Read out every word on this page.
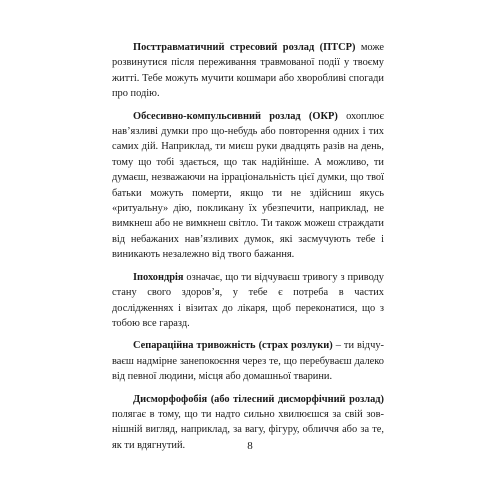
Посттравматичний стресовий розлад (ПТСР) може розвинутися після переживання травмованої події у твоєму житті. Тебе можуть мучити кошмари або хворобливі спогади про подію.

Обсесивно-компульсивний розлад (ОКР) охоплює нав’язливі думки про що-небудь або повторення одних і тих самих дій. Наприклад, ти миєш руки двадцять разів на день, тому що тобі здається, що так надійніше. А можливо, ти думаєш, незважаючи на ірраціональність цієї думки, що твої батьки можуть померти, якщо ти не здійсниш якусь «ритуальну» дію, покликану їх убезпечити, наприклад, не вимкнеш або не вимкнеш світло. Ти також можеш страждати від небажаних нав’язливих думок, які засмучують тебе і виникають незалежно від твого бажання.

Іпохондрія означає, що ти відчуваєш тривогу з приводу стану свого здоров’я, у тебе є потреба в частих дослідженнях і візитах до лікаря, щоб переконатися, що з тобою все гаразд.

Сепараційна тривожність (страх розлуки) – ти відчуваєш надмірне занепокоєння через те, що перебуваєш далеко від певної людини, місця або домашньої тварини.

Дисморфофобія (або тілесний дисморфічний розлад) полягає в тому, що ти надто сильно хвилюєшся за свій зовнішній вигляд, наприклад, за вагу, фігуру, обличчя або за те, як ти вдягнутий.	8
